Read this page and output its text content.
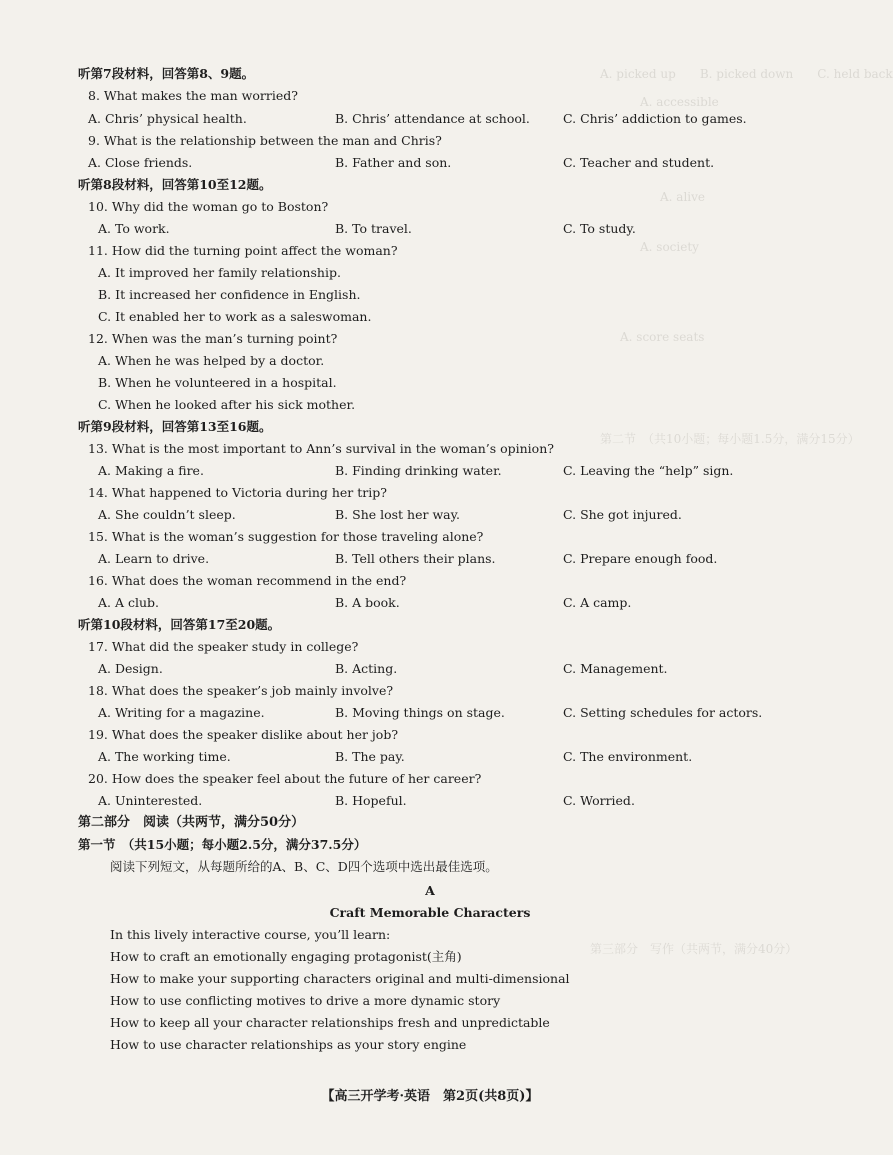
A. picked up　　B. picked down　　C. held back
A. accessible
A. alive
A. society
A. score seats
第二节　（共10小题；每小题1.5分，满分15分）
第三部分　写作（共两节，满分40分）
听第7段材料，回答第8、9题。
8. What makes the man worried?
A. Chris’ physical health.	B. Chris’ attendance at school.	C. Chris’ addiction to games.
9. What is the relationship between the man and Chris?
A. Close friends.	B. Father and son.	C. Teacher and student.
听第8段材料，回答第10至12题。
10. Why did the woman go to Boston?
A. To work.	B. To travel.	C. To study.
11. How did the turning point affect the woman?
A. It improved her family relationship.
B. It increased her confidence in English.
C. It enabled her to work as a saleswoman.
12. When was the man’s turning point?
A. When he was helped by a doctor.
B. When he volunteered in a hospital.
C. When he looked after his sick mother.
听第9段材料，回答第13至16题。
13. What is the most important to Ann’s survival in the woman’s opinion?
A. Making a fire.	B. Finding drinking water.	C. Leaving the “help” sign.
14. What happened to Victoria during her trip?
A. She couldn’t sleep.	B. She lost her way.	C. She got injured.
15. What is the woman’s suggestion for those traveling alone?
A. Learn to drive.	B. Tell others their plans.	C. Prepare enough food.
16. What does the woman recommend in the end?
A. A club.	B. A book.	C. A camp.
听第10段材料，回答第17至20题。
17. What did the speaker study in college?
A. Design.	B. Acting.	C. Management.
18. What does the speaker’s job mainly involve?
A. Writing for a magazine.	B. Moving things on stage.	C. Setting schedules for actors.
19. What does the speaker dislike about her job?
A. The working time.	B. The pay.	C. The environment.
20. How does the speaker feel about the future of her career?
A. Uninterested.	B. Hopeful.	C. Worried.
第二部分　阅读（共两节，满分50分）
第一节　（共15小题；每小题2.5分，满分37.5分）
阅读下列短文，从每题所给的A、B、C、D四个选项中选出最佳选项。
A
Craft Memorable Characters
In this lively interactive course, you’ll learn:
How to craft an emotionally engaging protagonist(主角)
How to make your supporting characters original and multi-dimensional
How to use conflicting motives to drive a more dynamic story
How to keep all your character relationships fresh and unpredictable
How to use character relationships as your story engine
【高三开学考·英语　第2页(共8页)】
